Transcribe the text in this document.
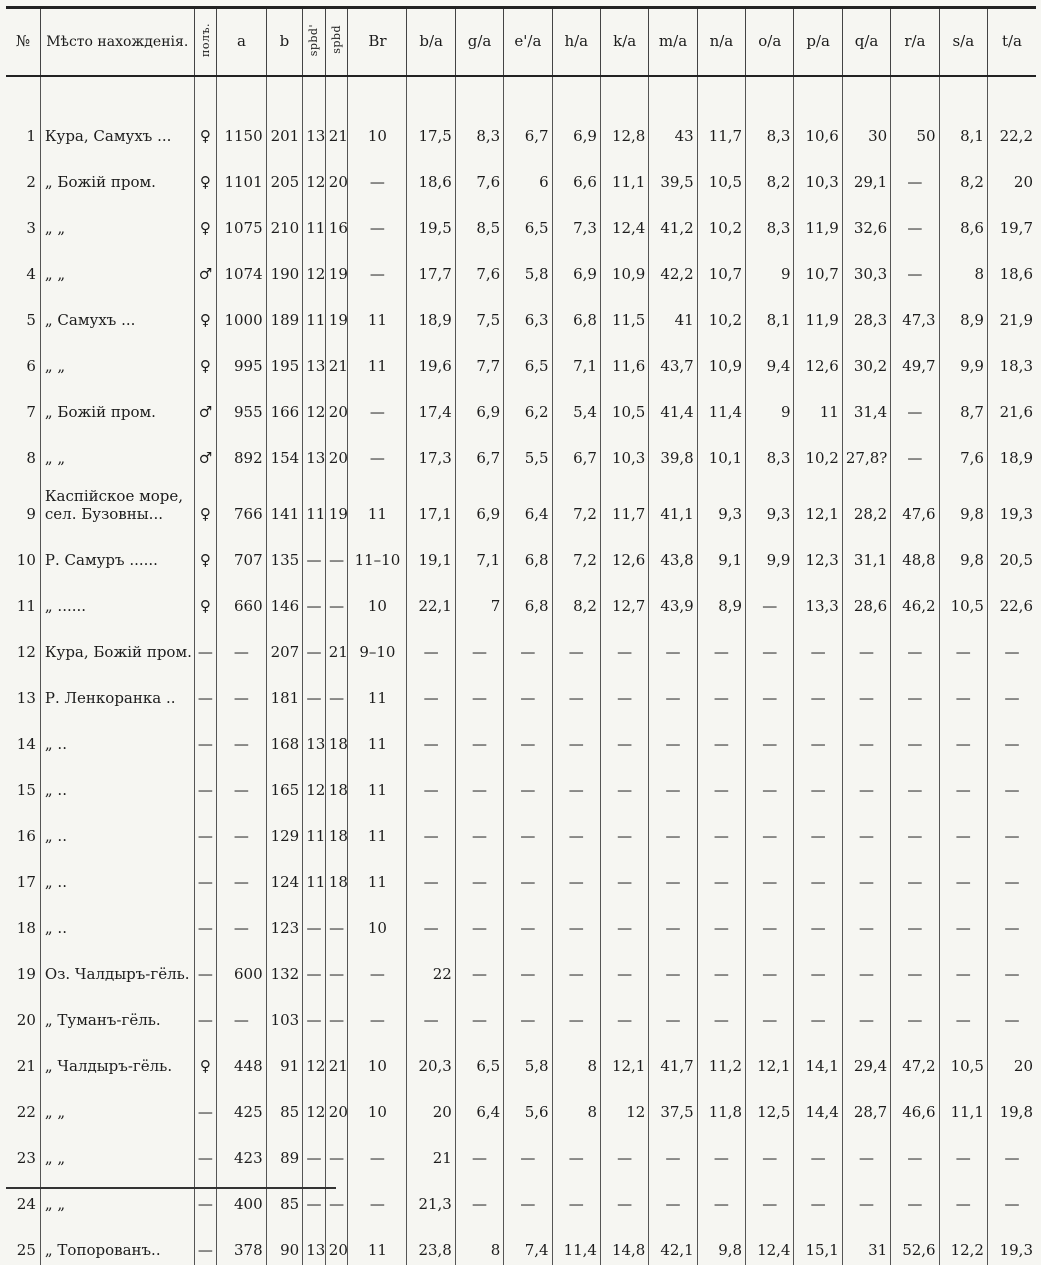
№	Мѣсто нахожденія.	полъ.	a	b	spbd'	spbd	Br	b/a	g/a	e'/a	h/a	k/a	m/a	n/a	o/a	p/a	q/a	r/a	s/a	t/a

1	Кура, Самухъ ...	♀	1150	201	13	21	10	17,5	8,3	6,7	6,9	12,8	43	11,7	8,3	10,6	30	50	8,1	22,2
2	„ Божій пром.	♀	1101	205	12	20	—	18,6	7,6	6	6,6	11,1	39,5	10,5	8,2	10,3	29,1	—	8,2	20
3	„ „	♀	1075	210	11	16	—	19,5	8,5	6,5	7,3	12,4	41,2	10,2	8,3	11,9	32,6	—	8,6	19,7
4	„ „	♂	1074	190	12	19	—	17,7	7,6	5,8	6,9	10,9	42,2	10,7	9	10,7	30,3	—	8	18,6
5	„ Самухъ ...	♀	1000	189	11	19	11	18,9	7,5	6,3	6,8	11,5	41	10,2	8,1	11,9	28,3	47,3	8,9	21,9
6	„ „	♀	995	195	13	21	11	19,6	7,7	6,5	7,1	11,6	43,7	10,9	9,4	12,6	30,2	49,7	9,9	18,3
7	„ Божій пром.	♂	955	166	12	20	—	17,4	6,9	6,2	5,4	10,5	41,4	11,4	9	11	31,4	—	8,7	21,6
8	„ „	♂	892	154	13	20	—	17,3	6,7	5,5	6,7	10,3	39,8	10,1	8,3	10,2	27,8?	—	7,6	18,9
9	Каспійское море,
сел. Бузовны...	♀	766	141	11	19	11	17,1	6,9	6,4	7,2	11,7	41,1	9,3	9,3	12,1	28,2	47,6	9,8	19,3
10	Р. Самуръ ......	♀	707	135	—	—	11–10	19,1	7,1	6,8	7,2	12,6	43,8	9,1	9,9	12,3	31,1	48,8	9,8	20,5
11	„ ......	♀	660	146	—	—	10	22,1	7	6,8	8,2	12,7	43,9	8,9	—	13,3	28,6	46,2	10,5	22,6
12	Кура, Божій пром.	—	—	207	—	21	9–10	—	—	—	—	—	—	—	—	—	—	—	—	—
13	Р. Ленкоранка ..	—	—	181	—	—	11	—	—	—	—	—	—	—	—	—	—	—	—	—
14	„ ..	—	—	168	13	18	11	—	—	—	—	—	—	—	—	—	—	—	—	—
15	„ ..	—	—	165	12	18	11	—	—	—	—	—	—	—	—	—	—	—	—	—
16	„ ..	—	—	129	11	18	11	—	—	—	—	—	—	—	—	—	—	—	—	—
17	„ ..	—	—	124	11	18	11	—	—	—	—	—	—	—	—	—	—	—	—	—
18	„ ..	—	—	123	—	—	10	—	—	—	—	—	—	—	—	—	—	—	—	—
19	Оз. Чалдыръ-гёль.	—	600	132	—	—	—	22	—	—	—	—	—	—	—	—	—	—	—	—
20	„ Туманъ-гёль.	—	—	103	—	—	—	—	—	—	—	—	—	—	—	—	—	—	—	—
21	„ Чалдыръ-гёль.	♀	448	91	12	21	10	20,3	6,5	5,8	8	12,1	41,7	11,2	12,1	14,1	29,4	47,2	10,5	20
22	„ „	—	425	85	12	20	10	20	6,4	5,6	8	12	37,5	11,8	12,5	14,4	28,7	46,6	11,1	19,8
23	„ „	—	423	89	—	—	—	21	—	—	—	—	—	—	—	—	—	—	—	—
24	„ „	—	400	85	—	—	—	21,3	—	—	—	—	—	—	—	—	—	—	—	—
25	„ Топорованъ..	—	378	90	13	20	11	23,8	8	7,4	11,4	14,8	42,1	9,8	12,4	15,1	31	52,6	12,2	19,3
